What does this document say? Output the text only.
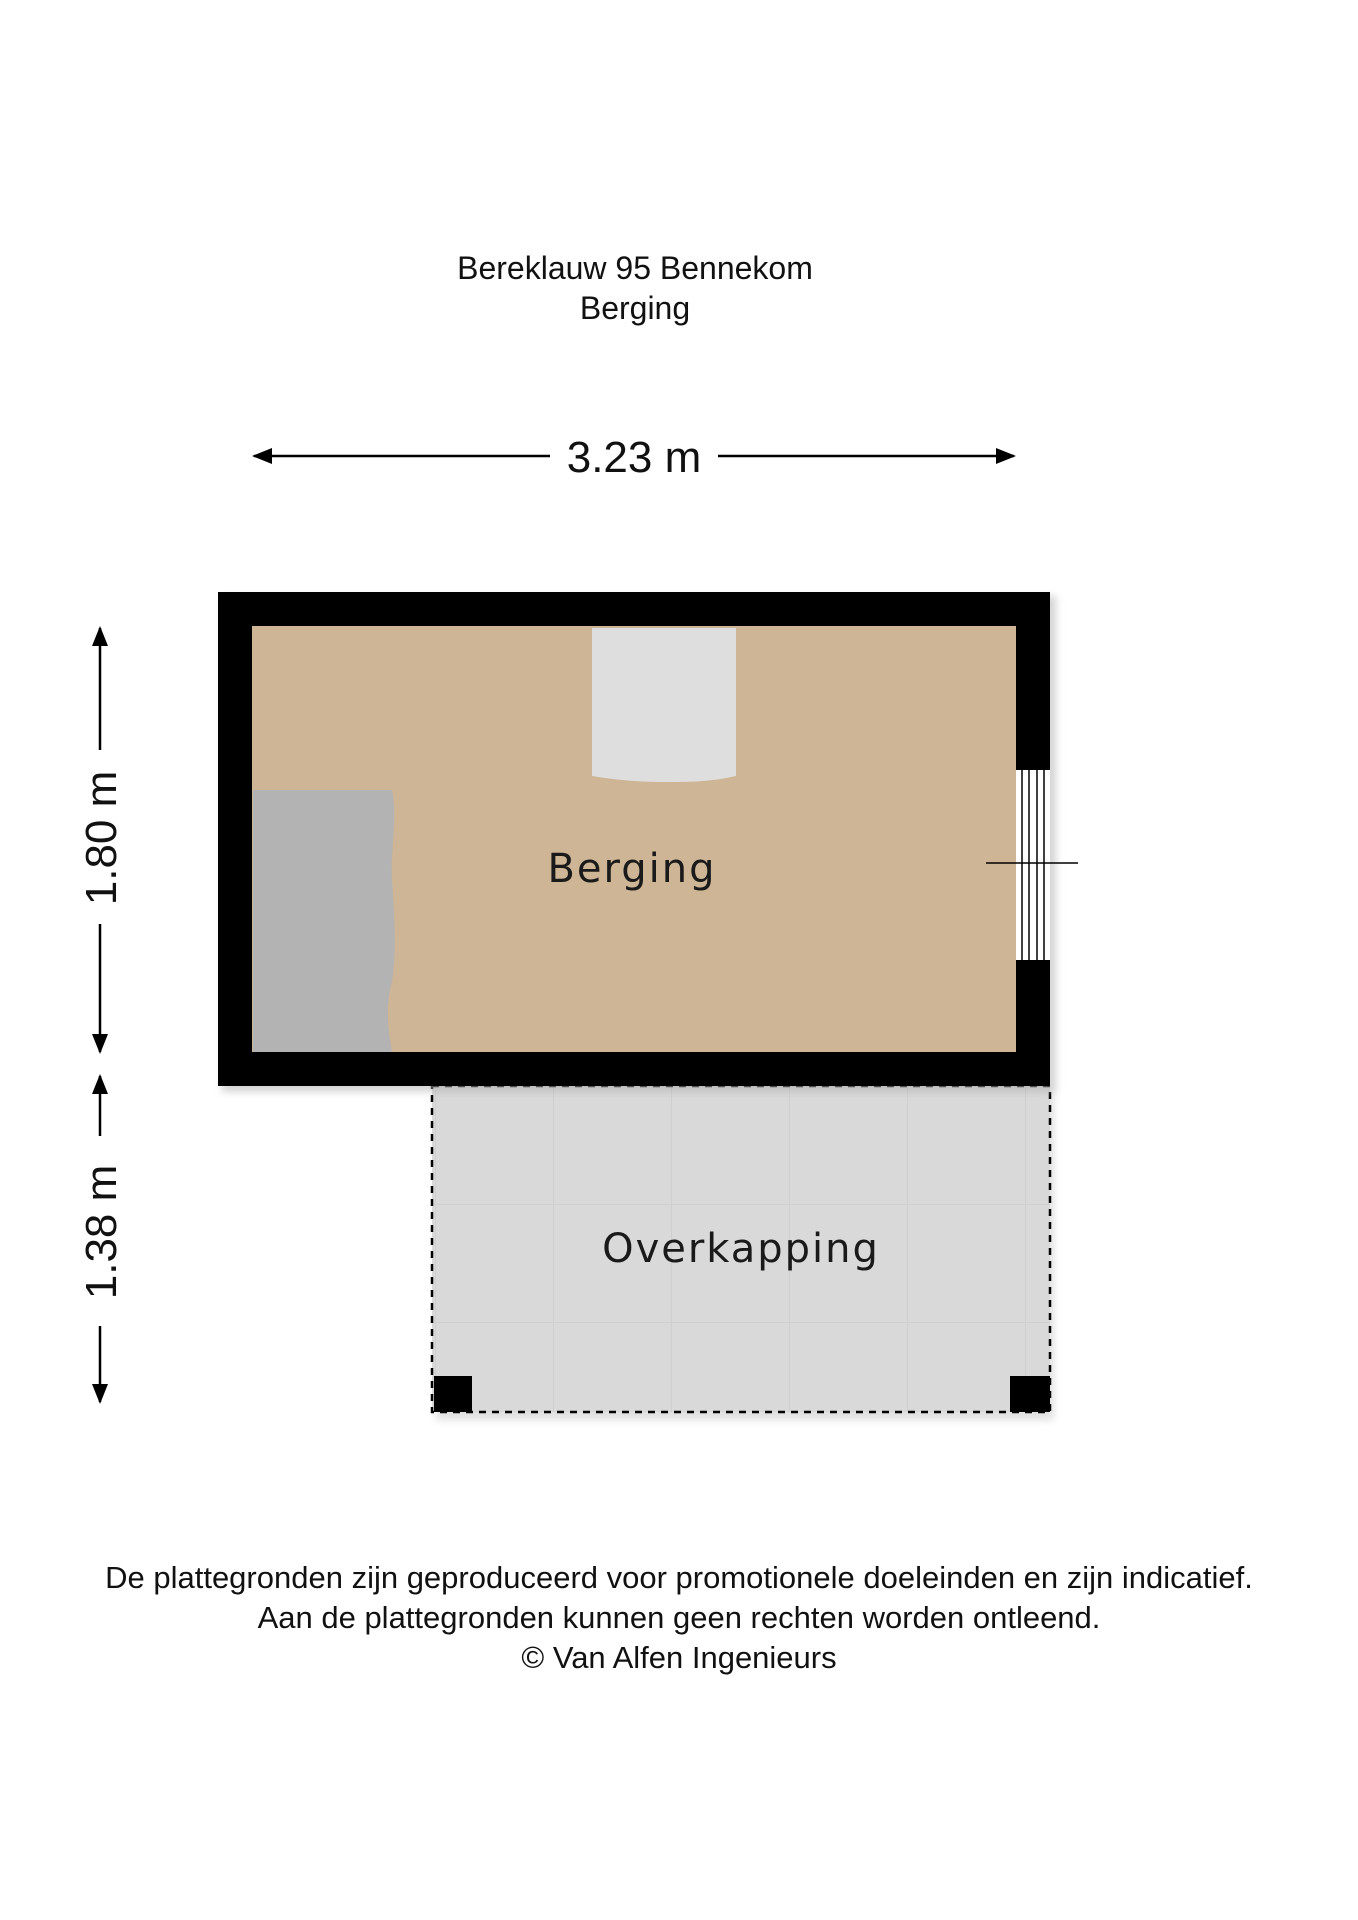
Bereklauw 95 Bennekom
Berging
3.23 m
1.80 m
1.38 m	Overkapping
Berging
De plattegronden zijn geproduceerd voor promotionele doeleinden en zijn indicatief.
Aan de plattegronden kunnen geen rechten worden ontleend.
© Van Alfen Ingenieurs
